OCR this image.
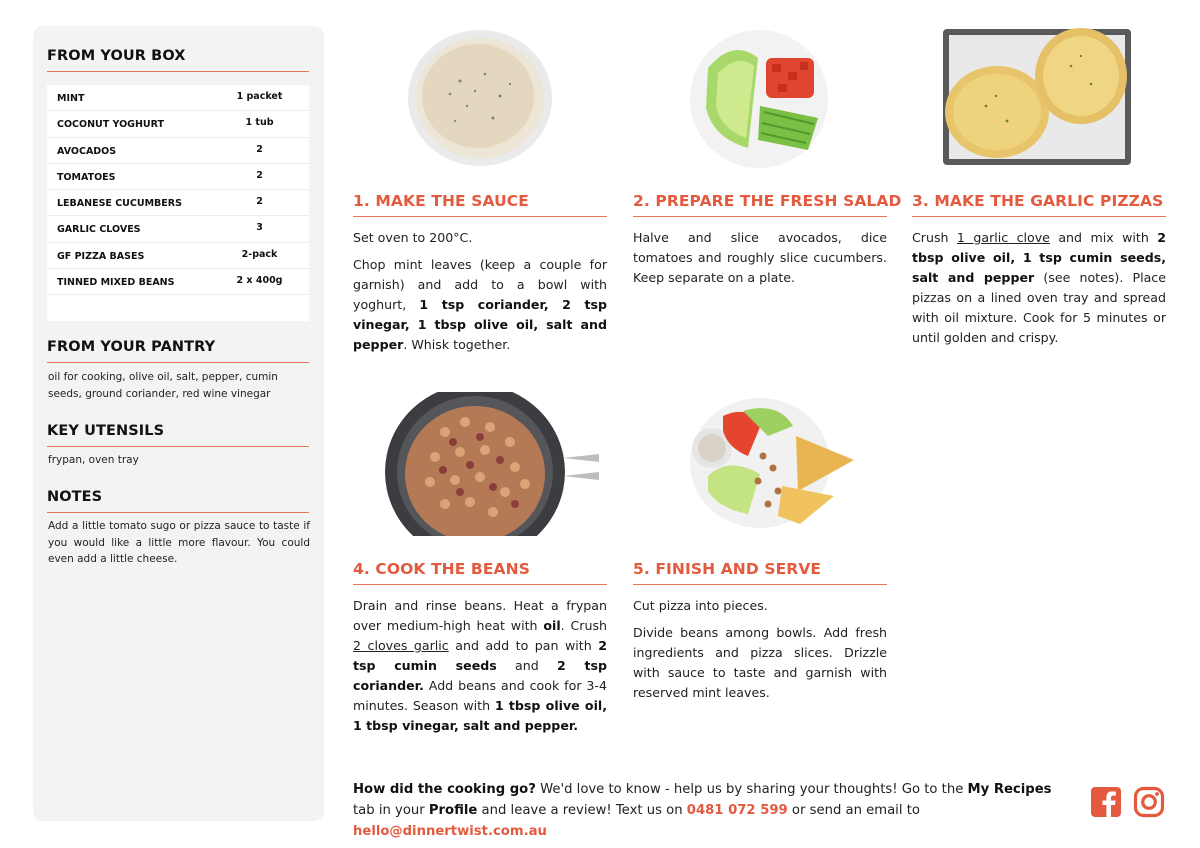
FROM YOUR BOX
MINT	1 packet
COCONUT YOGHURT	1 tub
AVOCADOS	2
TOMATOES	2
LEBANESE CUCUMBERS	2
GARLIC CLOVES	3
GF PIZZA BASES	2-pack
TINNED MIXED BEANS	2 x 400g
FROM YOUR PANTRY
oil for cooking, olive oil, salt, pepper, cumin seeds, ground coriander, red wine vinegar
KEY UTENSILS
frypan, oven tray
NOTES
Add a little tomato sugo or pizza sauce to taste if you would like a little more flavour. You could even add a little cheese.
1. MAKE THE SAUCE

Set oven to 200°C.

Chop mint leaves (keep a couple for garnish) and add to a bowl with yoghurt, 1 tsp coriander, 2 tsp vinegar, 1 tbsp olive oil, salt and pepper. Whisk together.

2. PREPARE THE FRESH SALAD

Halve and slice avocados, dice tomatoes and roughly slice cucumbers. Keep separate on a plate.

3. MAKE THE GARLIC PIZZAS

Crush 1 garlic clove and mix with 2 tbsp olive oil, 1 tsp cumin seeds, salt and pepper (see notes). Place pizzas on a lined oven tray and spread with oil mixture. Cook for 5 minutes or until golden and crispy.

4. COOK THE BEANS

Drain and rinse beans. Heat a frypan over medium-high heat with oil. Crush 2 cloves garlic and add to pan with 2 tsp cumin seeds and 2 tsp coriander. Add beans and cook for 3-4 minutes. Season with 1 tbsp olive oil, 1 tbsp vinegar, salt and pepper.

5. FINISH AND SERVE

Cut pizza into pieces.

Divide beans among bowls. Add fresh ingredients and pizza slices. Drizzle with sauce to taste and garnish with reserved mint leaves.

How did the cooking go? We'd love to know - help us by sharing your thoughts! Go to the My Recipes tab in your Profile and leave a review! Text us on 0481 072 599 or send an email to hello@dinnertwist.com.au
